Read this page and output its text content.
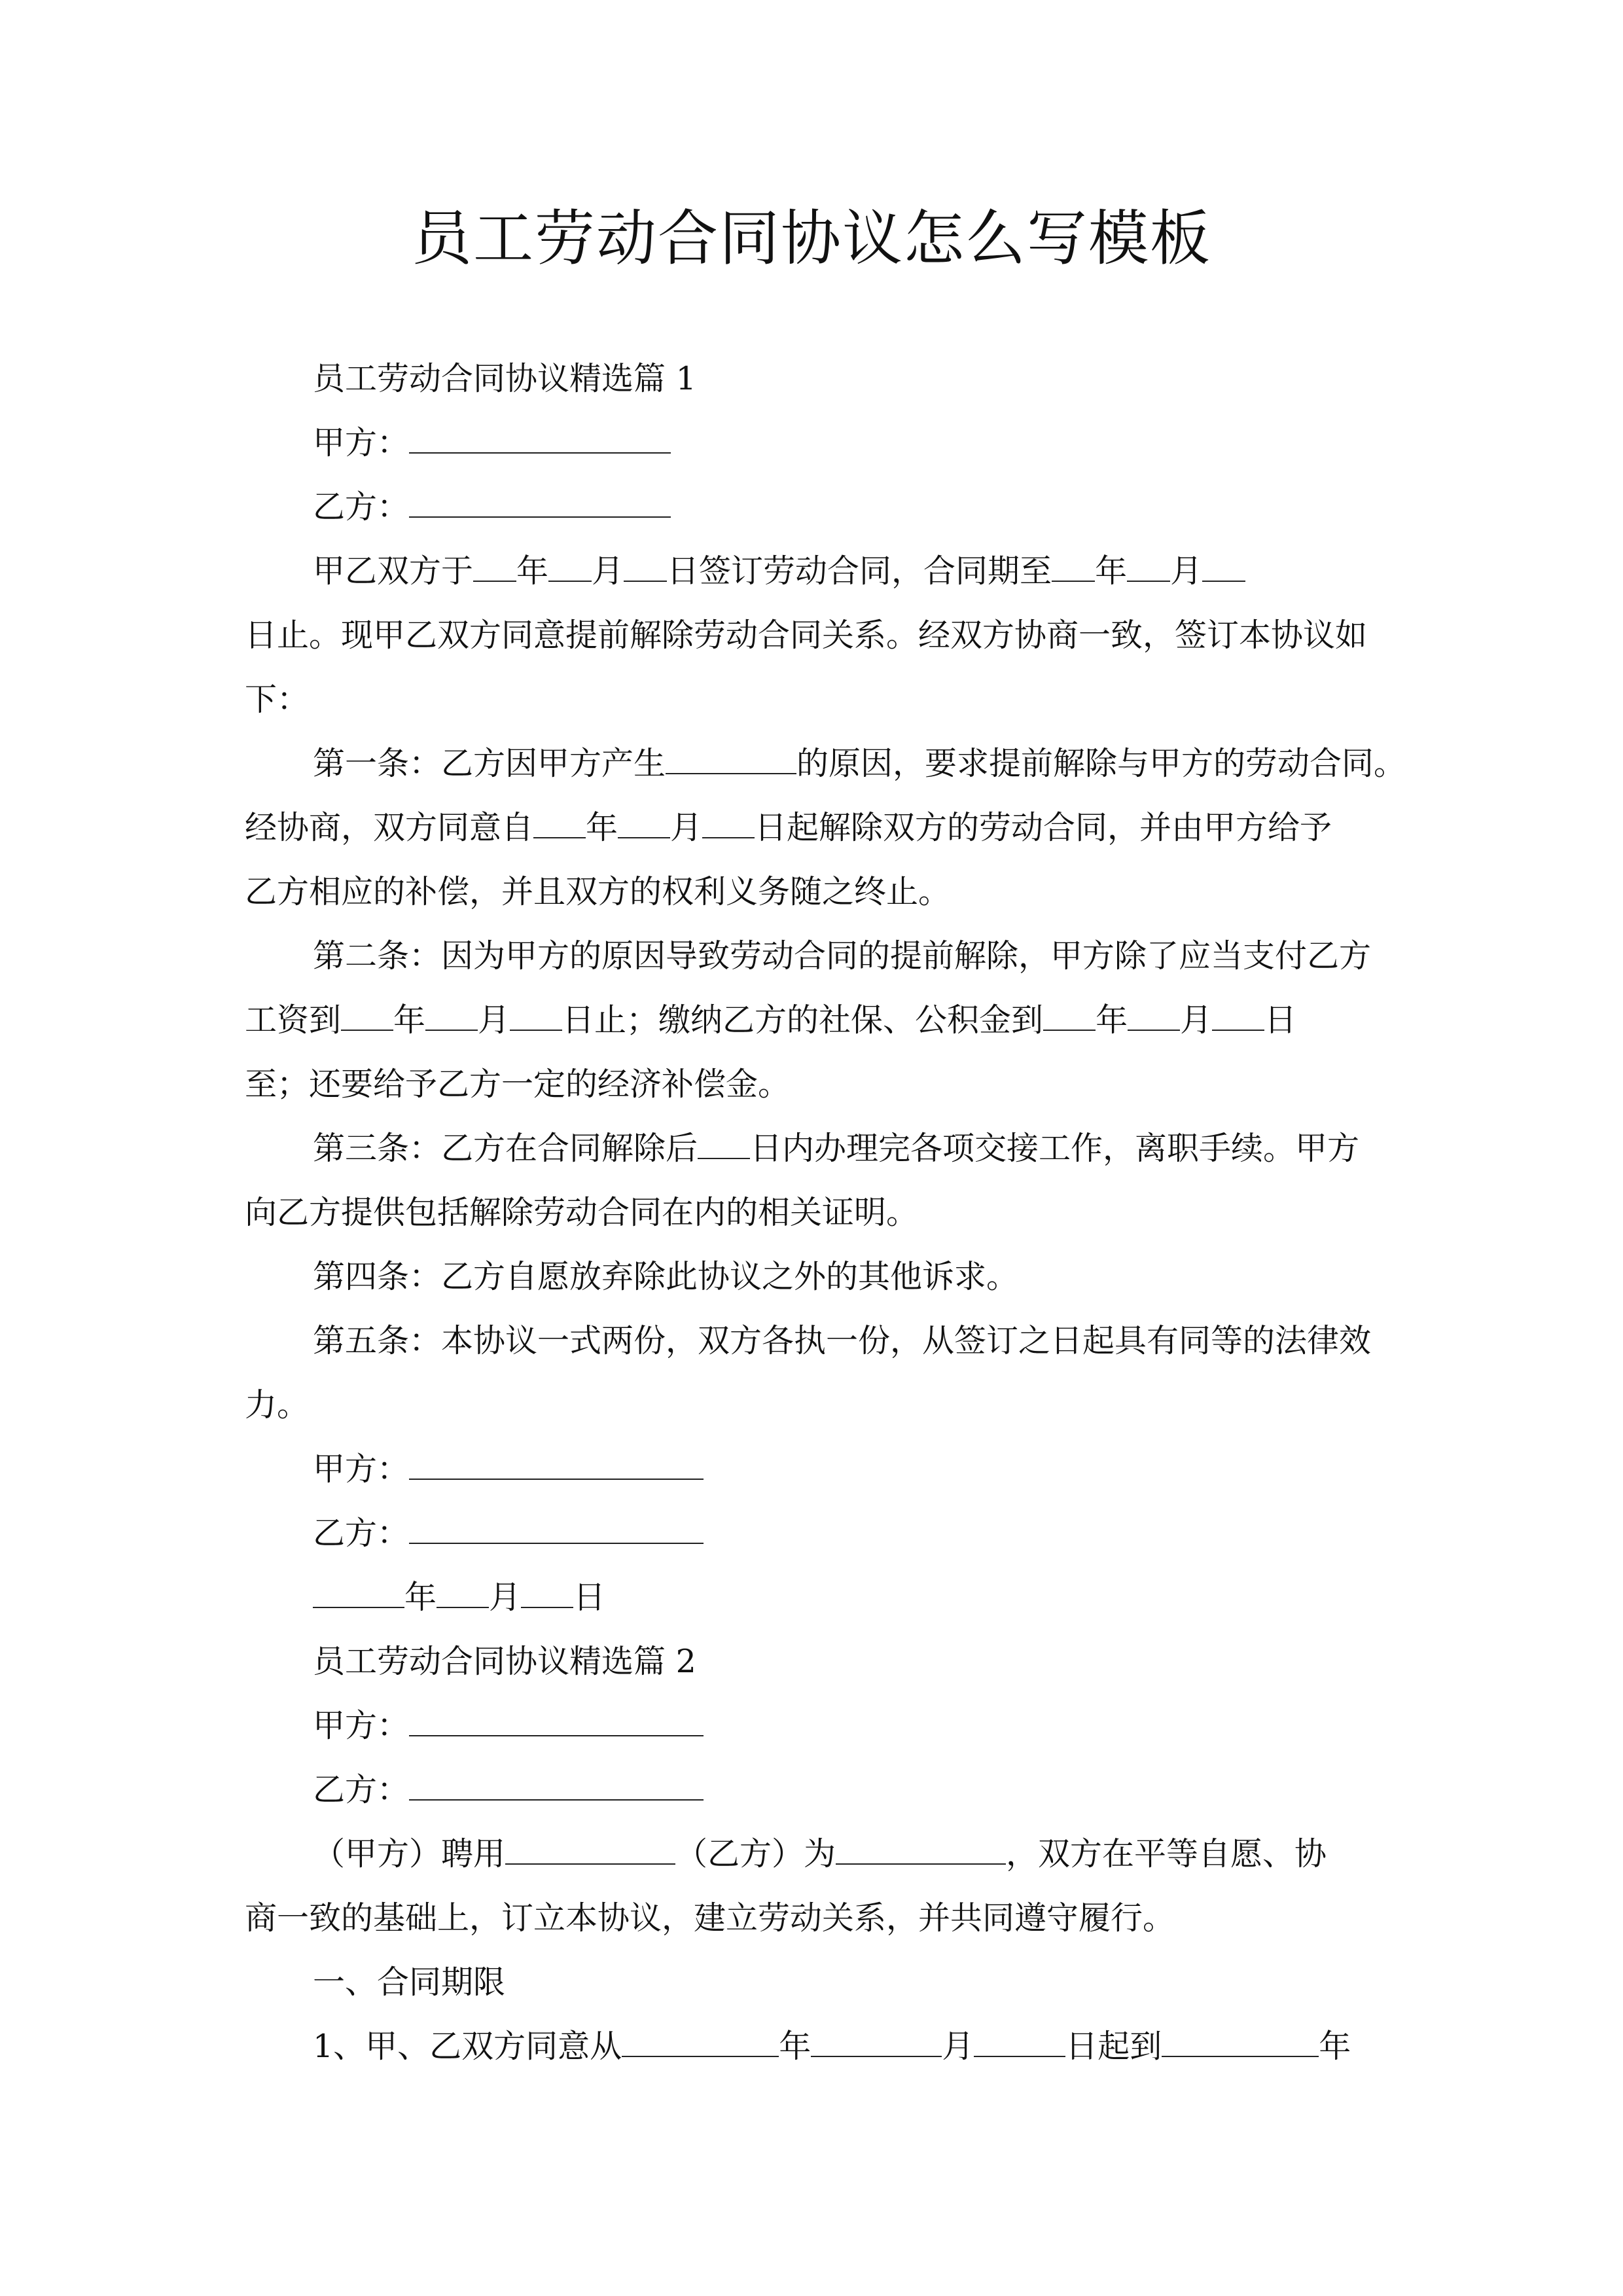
员工劳动合同协议怎么写模板

员工劳动合同协议精选篇 1

甲方：

乙方：

甲乙双方于 年 月 日签订劳动合同，合同期至 年 月

日止。现甲乙双方同意提前解除劳动合同关系。经双方协商一致，签订本协议如

下：

第一条：乙方因甲方产生	的原因，要求提前解除与甲方的劳动合同。

经协商，双方同意自 年 月 日起解除双方的劳动合同，并由甲方给予

乙方相应的补偿，并且双方的权利义务随之终止。

第二条：因为甲方的原因导致劳动合同的提前解除，甲方除了应当支付乙方

工资到 年 月 日止；缴纳乙方的社保、公积金到 年 月 日

至；还要给予乙方一定的经济补偿金。

第三条：乙方在合同解除后 日内办理完各项交接工作，离职手续。甲方

向乙方提供包括解除劳动合同在内的相关证明。

第四条：乙方自愿放弃除此协议之外的其他诉求。

第五条：本协议一式两份，双方各执一份，从签订之日起具有同等的法律效

力。

甲方：

乙方：

年 月 日

员工劳动合同协议精选篇 2

甲方：

乙方：

（甲方）聘用	（乙方）为	，双方在平等自愿、协

商一致的基础上，订立本协议，建立劳动关系，并共同遵守履行。

一、合同期限

1、甲、乙双方同意从	年	月	日起到	年
